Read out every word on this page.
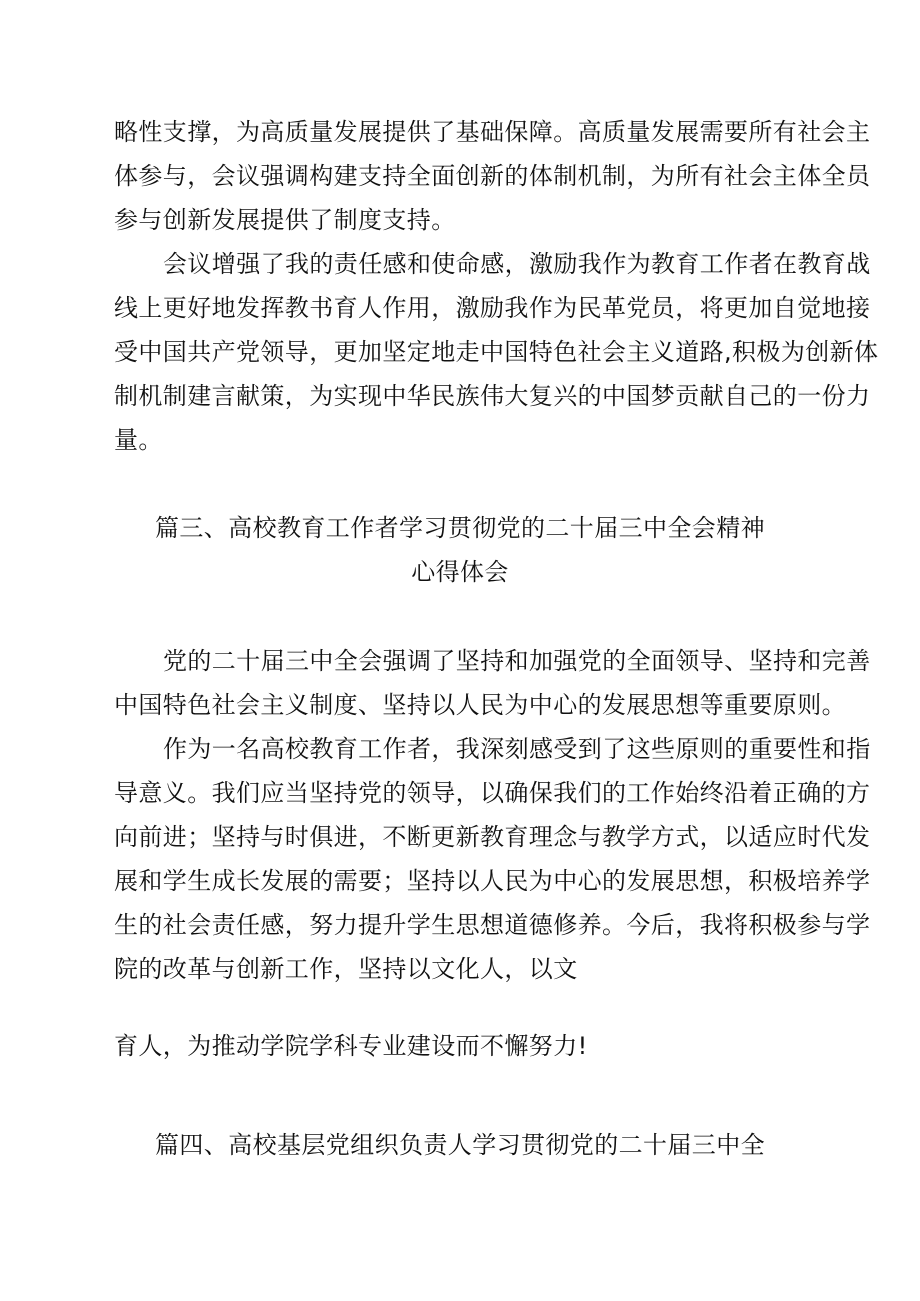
略性支撑，为高质量发展提供了基础保障。高质量发展需要所有社会主
体参与，会议强调构建支持全面创新的体制机制，为所有社会主体全员
参与创新发展提供了制度支持。
会议增强了我的责任感和使命感，激励我作为教育工作者在教育战
线上更好地发挥教书育人作用，激励我作为民革党员，将更加自觉地接
受中国共产党领导，更加坚定地走中国特色社会主义道路,积极为创新体
制机制建言献策，为实现中华民族伟大复兴的中国梦贡献自己的一份力
量。
篇三、高校教育工作者学习贯彻党的二十届三中全会精神
心得体会
党的二十届三中全会强调了坚持和加强党的全面领导、坚持和完善
中国特色社会主义制度、坚持以人民为中心的发展思想等重要原则。
作为一名高校教育工作者，我深刻感受到了这些原则的重要性和指
导意义。我们应当坚持党的领导，以确保我们的工作始终沿着正确的方
向前进；坚持与时俱进，不断更新教育理念与教学方式，以适应时代发
展和学生成长发展的需要；坚持以人民为中心的发展思想，积极培养学
生的社会责任感，努力提升学生思想道德修养。今后，我将积极参与学
院的改革与创新工作，坚持以文化人，以文
育人，为推动学院学科专业建设而不懈努力!
篇四、高校基层党组织负责人学习贯彻党的二十届三中全
